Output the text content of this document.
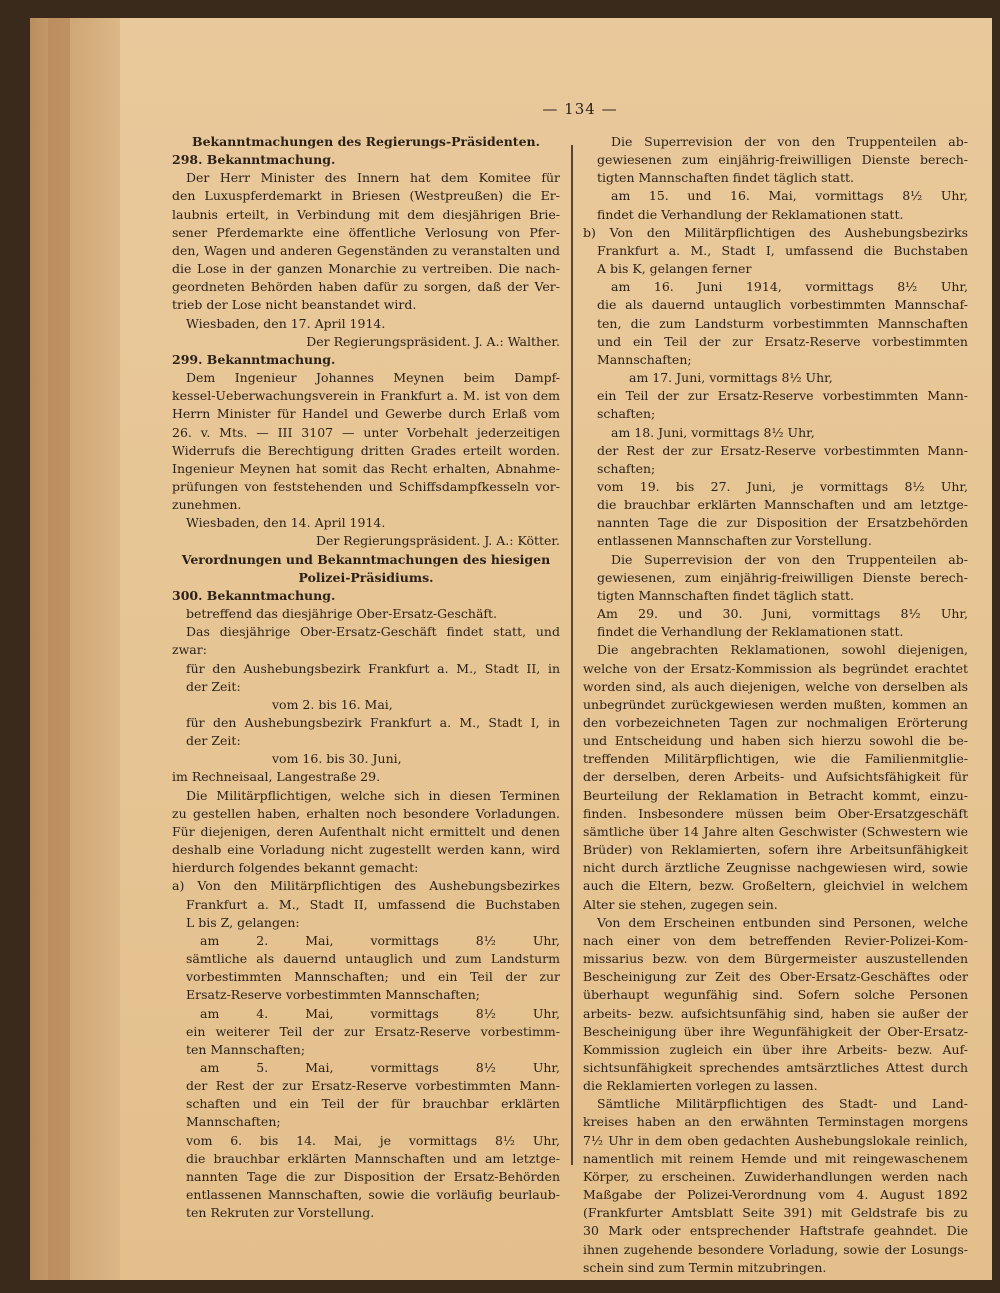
— 134 —
Bekanntmachungen des Regierungs-Präsidenten.
298. Bekanntmachung.
Der Herr Minister des Innern hat dem Komitee für
den Luxuspferdemarkt in Briesen (Westpreußen) die Er-
laubnis erteilt, in Verbindung mit dem diesjährigen Brie-
sener Pferdemarkte eine öffentliche Verlosung von Pfer-
den, Wagen und anderen Gegenständen zu veranstalten und
die Lose in der ganzen Monarchie zu vertreiben. Die nach-
geordneten Behörden haben dafür zu sorgen, daß der Ver-
trieb der Lose nicht beanstandet wird.
Wiesbaden, den 17. April 1914.
Der Regierungspräsident. J. A.: Walther.
299. Bekanntmachung.
Dem Ingenieur Johannes Meynen beim Dampf-
kessel-Ueberwachungsverein in Frankfurt a. M. ist von dem
Herrn Minister für Handel und Gewerbe durch Erlaß vom
26. v. Mts. — III 3107 — unter Vorbehalt jederzeitigen
Widerrufs die Berechtigung dritten Grades erteilt worden.
Ingenieur Meynen hat somit das Recht erhalten, Abnahme-
prüfungen von feststehenden und Schiffsdampfkesseln vor-
zunehmen.
Wiesbaden, den 14. April 1914.
Der Regierungspräsident. J. A.: Kötter.
Verordnungen und Bekanntmachungen des hiesigen
Polizei-Präsidiums.
300. Bekanntmachung.
betreffend das diesjährige Ober-Ersatz-Geschäft.
Das diesjährige Ober-Ersatz-Geschäft findet statt, und
zwar:
für den Aushebungsbezirk Frankfurt a. M., Stadt II, in
der Zeit:
vom 2. bis 16. Mai,
für den Aushebungsbezirk Frankfurt a. M., Stadt I, in
der Zeit:
vom 16. bis 30. Juni,
im Rechneisaal, Langestraße 29.
Die Militärpflichtigen, welche sich in diesen Terminen
zu gestellen haben, erhalten noch besondere Vorladungen.
Für diejenigen, deren Aufenthalt nicht ermittelt und denen
deshalb eine Vorladung nicht zugestellt werden kann, wird
hierdurch folgendes bekannt gemacht:
a) Von den Militärpflichtigen des Aushebungsbezirkes
Frankfurt a. M., Stadt II, umfassend die Buchstaben
L bis Z, gelangen:
am 2. Mai, vormittags 8½ Uhr,
sämtliche als dauernd untauglich und zum Landsturm
vorbestimmten Mannschaften; und ein Teil der zur
Ersatz-Reserve vorbestimmten Mannschaften;
am 4. Mai, vormittags 8½ Uhr,
ein weiterer Teil der zur Ersatz-Reserve vorbestimm-
ten Mannschaften;
am 5. Mai, vormittags 8½ Uhr,
der Rest der zur Ersatz-Reserve vorbestimmten Mann-
schaften und ein Teil der für brauchbar erklärten
Mannschaften;
vom 6. bis 14. Mai, je vormittags 8½ Uhr,
die brauchbar erklärten Mannschaften und am letztge-
nannten Tage die zur Disposition der Ersatz-Behörden
entlassenen Mannschaften, sowie die vorläufig beurlaub-
ten Rekruten zur Vorstellung.
Die Superrevision der von den Truppenteilen ab-
gewiesenen zum einjährig-freiwilligen Dienste berech-
tigten Mannschaften findet täglich statt.
am 15. und 16. Mai, vormittags 8½ Uhr,
findet die Verhandlung der Reklamationen statt.
b) Von den Militärpflichtigen des Aushebungsbezirks
Frankfurt a. M., Stadt I, umfassend die Buchstaben
A bis K, gelangen ferner
am 16. Juni 1914, vormittags 8½ Uhr,
die als dauernd untauglich vorbestimmten Mannschaf-
ten, die zum Landsturm vorbestimmten Mannschaften
und ein Teil der zur Ersatz-Reserve vorbestimmten
Mannschaften;
am 17. Juni, vormittags 8½ Uhr,
ein Teil der zur Ersatz-Reserve vorbestimmten Mann-
schaften;
am 18. Juni, vormittags 8½ Uhr,
der Rest der zur Ersatz-Reserve vorbestimmten Mann-
schaften;
vom 19. bis 27. Juni, je vormittags 8½ Uhr,
die brauchbar erklärten Mannschaften und am letztge-
nannten Tage die zur Disposition der Ersatzbehörden
entlassenen Mannschaften zur Vorstellung.
Die Superrevision der von den Truppenteilen ab-
gewiesenen, zum einjährig-freiwilligen Dienste berech-
tigten Mannschaften findet täglich statt.
Am 29. und 30. Juni, vormittags 8½ Uhr,
findet die Verhandlung der Reklamationen statt.
Die angebrachten Reklamationen, sowohl diejenigen,
welche von der Ersatz-Kommission als begründet erachtet
worden sind, als auch diejenigen, welche von derselben als
unbegründet zurückgewiesen werden mußten, kommen an
den vorbezeichneten Tagen zur nochmaligen Erörterung
und Entscheidung und haben sich hierzu sowohl die be-
treffenden Militärpflichtigen, wie die Familienmitglie-
der derselben, deren Arbeits- und Aufsichtsfähigkeit für
Beurteilung der Reklamation in Betracht kommt, einzu-
finden. Insbesondere müssen beim Ober-Ersatzgeschäft
sämtliche über 14 Jahre alten Geschwister (Schwestern wie
Brüder) von Reklamierten, sofern ihre Arbeitsunfähigkeit
nicht durch ärztliche Zeugnisse nachgewiesen wird, sowie
auch die Eltern, bezw. Großeltern, gleichviel in welchem
Alter sie stehen, zugegen sein.
Von dem Erscheinen entbunden sind Personen, welche
nach einer von dem betreffenden Revier-Polizei-Kom-
missarius bezw. von dem Bürgermeister auszustellenden
Bescheinigung zur Zeit des Ober-Ersatz-Geschäftes oder
überhaupt wegunfähig sind. Sofern solche Personen
arbeits- bezw. aufsichtsunfähig sind, haben sie außer der
Bescheinigung über ihre Wegunfähigkeit der Ober-Ersatz-
Kommission zugleich ein über ihre Arbeits- bezw. Auf-
sichtsunfähigkeit sprechendes amtsärztliches Attest durch
die Reklamierten vorlegen zu lassen.
Sämtliche Militärpflichtigen des Stadt- und Land-
kreises haben an den erwähnten Terminstagen morgens
7½ Uhr in dem oben gedachten Aushebungslokale reinlich,
namentlich mit reinem Hemde und mit reingewaschenem
Körper, zu erscheinen. Zuwiderhandlungen werden nach
Maßgabe der Polizei-Verordnung vom 4. August 1892
(Frankfurter Amtsblatt Seite 391) mit Geldstrafe bis zu
30 Mark oder entsprechender Haftstrafe geahndet. Die
ihnen zugehende besondere Vorladung, sowie der Losungs-
schein sind zum Termin mitzubringen.
